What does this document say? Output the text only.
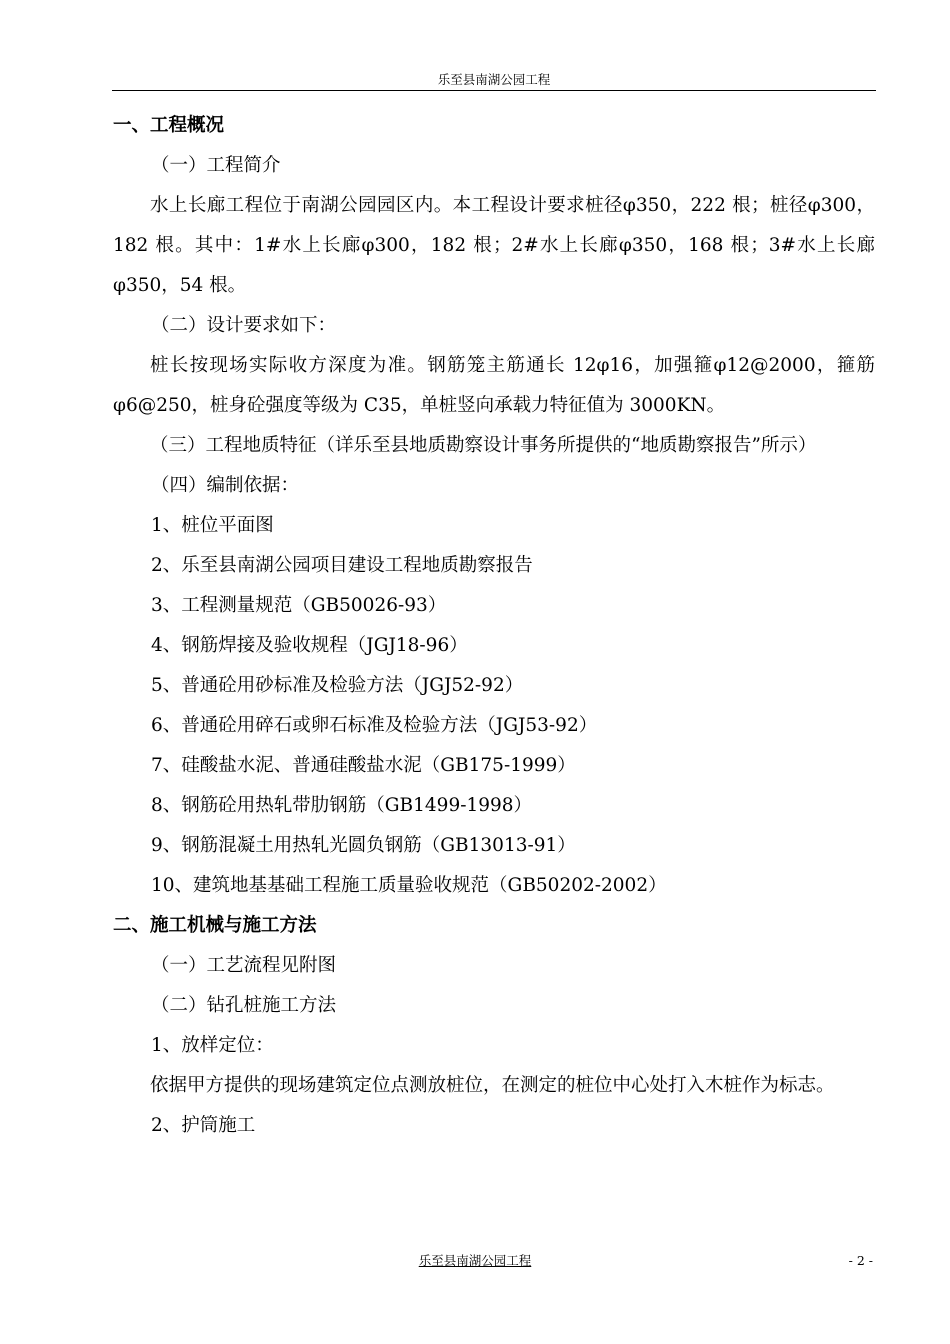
乐至县南湖公园工程
一、工程概况
（一）工程简介
水上长廊工程位于南湖公园园区内。本工程设计要求桩径φ350，222 根；桩径φ300，182 根。其中：1#水上长廊φ300，182 根；2#水上长廊φ350，168 根；3#水上长廊φ350，54 根。
（二）设计要求如下：
桩长按现场实际收方深度为准。钢筋笼主筋通长 12φ16，加强箍φ12@2000，箍筋φ6@250，桩身砼强度等级为 C35，单桩竖向承载力特征值为 3000KN。
（三）工程地质特征（详乐至县地质勘察设计事务所提供的“地质勘察报告”所示）
（四）编制依据：
1、桩位平面图
2、乐至县南湖公园项目建设工程地质勘察报告
3、工程测量规范（GB50026-93）
4、钢筋焊接及验收规程（JGJ18-96）
5、普通砼用砂标准及检验方法（JGJ52-92）
6、普通砼用碎石或卵石标准及检验方法（JGJ53-92）
7、硅酸盐水泥、普通硅酸盐水泥（GB175-1999）
8、钢筋砼用热轧带肋钢筋（GB1499-1998）
9、钢筋混凝土用热轧光圆负钢筋（GB13013-91）
10、建筑地基基础工程施工质量验收规范（GB50202-2002）
二、施工机械与施工方法
（一）工艺流程见附图
（二）钻孔桩施工方法
1、放样定位：
依据甲方提供的现场建筑定位点测放桩位，在测定的桩位中心处打入木桩作为标志。
2、护筒施工
乐至县南湖公园工程	- 2 -
